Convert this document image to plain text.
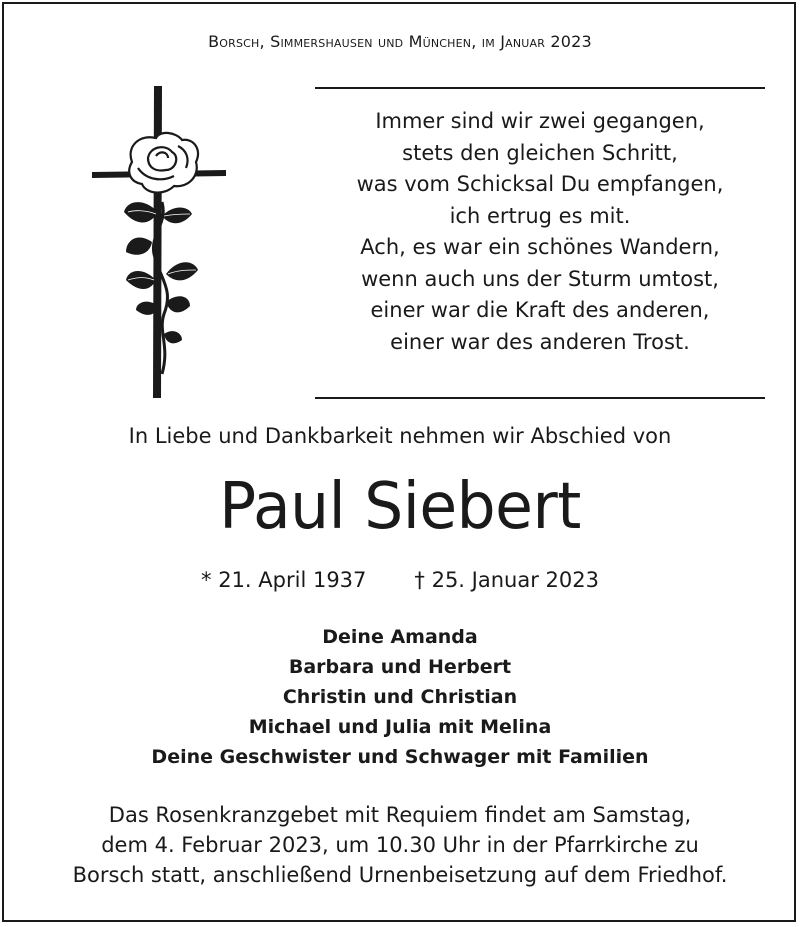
Borsch, Simmershausen und München, im Januar 2023
Immer sind wir zwei gegangen,
stets den gleichen Schritt,
was vom Schicksal Du empfangen,
ich ertrug es mit.
Ach, es war ein schönes Wandern,
wenn auch uns der Sturm umtost,
einer war die Kraft des anderen,
einer war des anderen Trost.
In Liebe und Dankbarkeit nehmen wir Abschied von
Paul Siebert
* 21. April 1937 † 25. Januar 2023
Deine Amanda
Barbara und Herbert
Christin und Christian
Michael und Julia mit Melina
Deine Geschwister und Schwager mit Familien
Das Rosenkranzgebet mit Requiem findet am Samstag,
dem 4. Februar 2023, um 10.30 Uhr in der Pfarrkirche zu
Borsch statt, anschließend Urnenbeisetzung auf dem Friedhof.
